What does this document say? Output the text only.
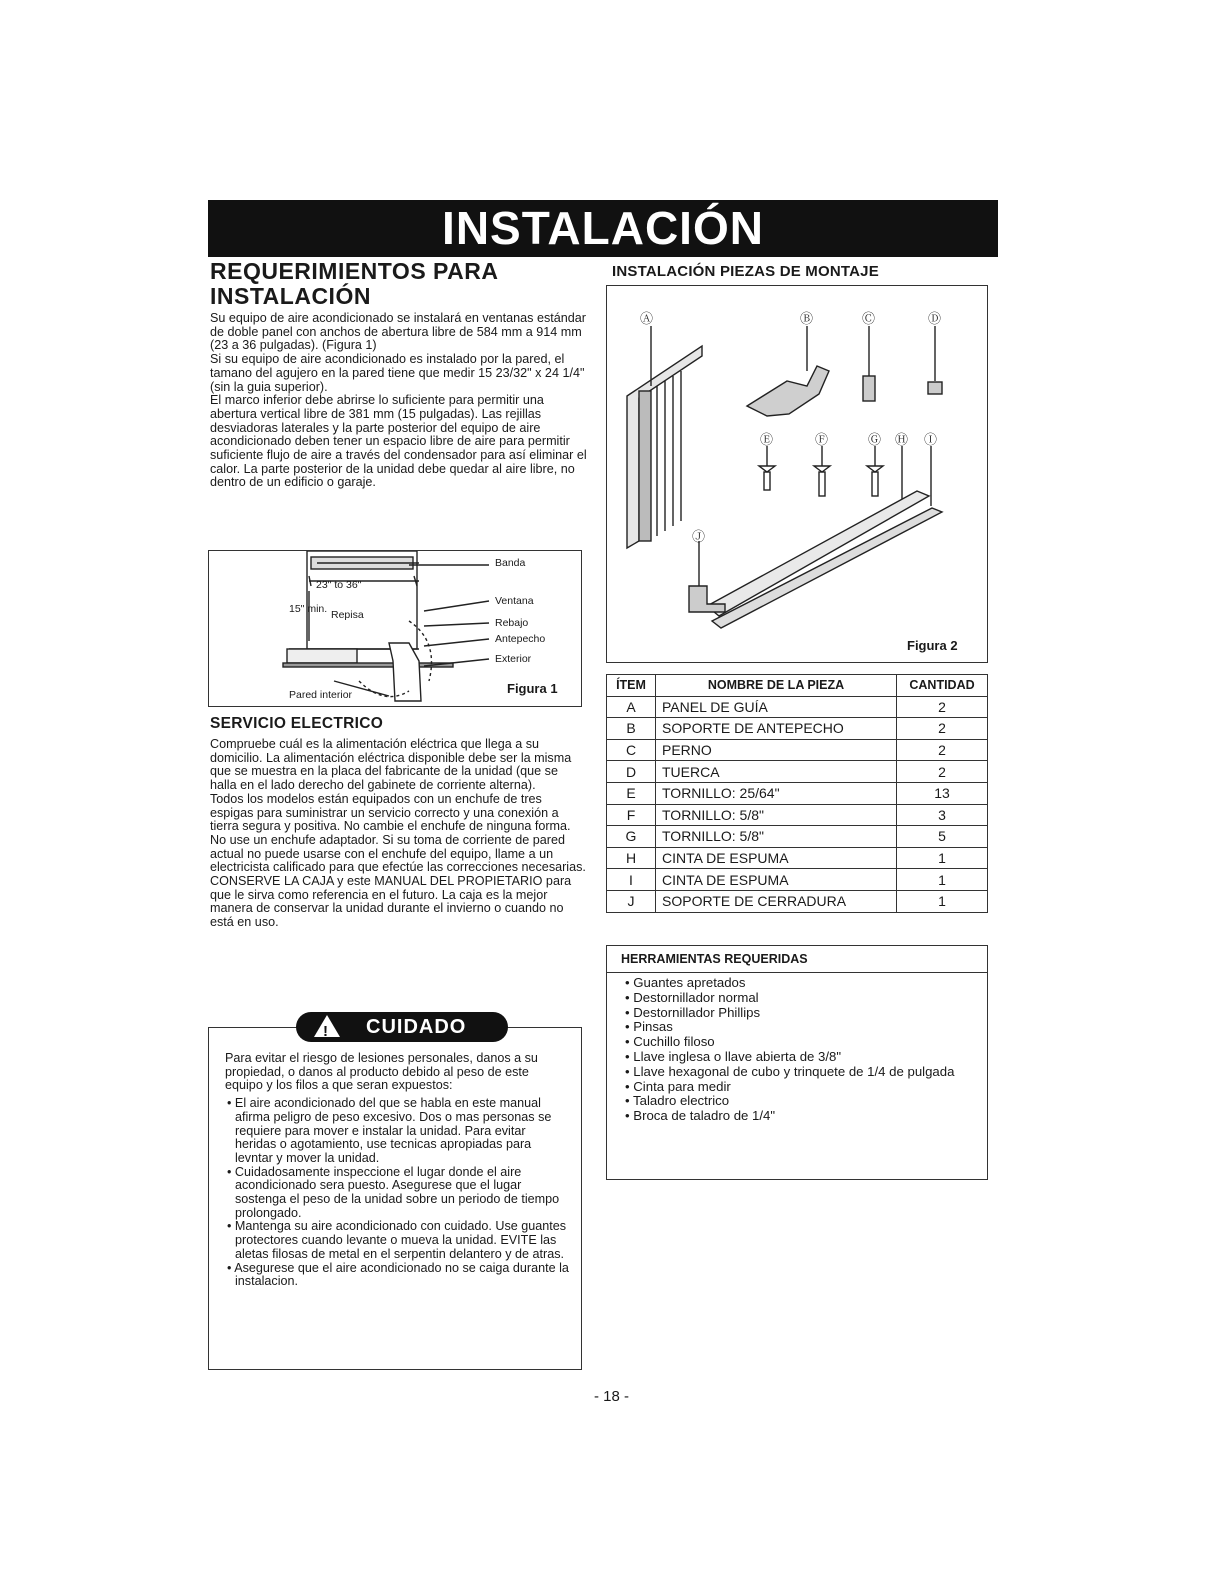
INSTALACIÓN
REQUERIMIENTOS PARA
INSTALACIÓN

Su equipo de aire acondicionado se instalará en ventanas estándar de doble panel con anchos de abertura libre de 584 mm a 914 mm (23 a 36 pulgadas). (Figura 1)

Si su equipo de aire acondicionado es instalado por la pared, el tamano del agujero en la pared tiene que medir 15 23/32" x 24 1/4"(sin la guia superior).

El marco inferior debe abrirse lo suficiente para permitir una abertura vertical libre de 381 mm (15 pulgadas). Las rejillas desviadoras laterales y la parte posterior del equipo de aire acondicionado deben tener un espacio libre de aire para permitir suficiente flujo de aire a través del condensador para así eliminar el calor. La parte posterior de la unidad debe quedar al aire libre, no dentro de un edificio o garaje.

23" to 36"
15" min. Repisa
Banda
Ventana
Rebajo
Antepecho
Exterior
Pared interior	Figura 1
SERVICIO ELECTRICO

Compruebe cuál es la alimentación eléctrica que llega a su domicilio. La alimentación eléctrica disponible debe ser la misma que se muestra en la placa del fabricante de la unidad (que se halla en el lado derecho del gabinete de corriente alterna).

Todos los modelos están equipados con un enchufe de tres espigas para suministrar un servicio correcto y una conexión a tierra segura y positiva. No cambie el enchufe de ninguna forma. No use un enchufe adaptador. Si su toma de corriente de pared actual no puede usarse con el enchufe del equipo, llame a un electricista calificado para que efectúe las correcciones necesarias.

CONSERVE LA CAJA y este MANUAL DEL PROPIETARIO para que le sirva como referencia en el futuro. La caja es la mejor manera de conservar la unidad durante el invierno o cuando no está en uso.

Para evitar el riesgo de lesiones personales, danos a su propiedad, o danos al producto debido al peso de este equipo y los filos a que seran expuestos:

• El aire acondicionado del que se habla en este manual afirma peligro de peso excesivo. Dos o mas personas se requiere para mover e instalar la unidad. Para evitar heridas o agotamiento, use tecnicas apropiadas para levntar y mover la unidad.
• Cuidadosamente inspeccione el lugar donde el aire acondicionado sera puesto. Asegurese que el lugar sostenga el peso de la unidad sobre un periodo de tiempo prolongado.
• Mantenga su aire acondicionado con cuidado. Use guantes protectores cuando levante o mueva la unidad. EVITE las aletas filosas de metal en el serpentin delantero y de atras.
• Asegurese que el aire acondicionado no se caiga durante la instalacion.
! CUIDADO
INSTALACIÓN PIEZAS DE MONTAJE
Ⓐ	Ⓑ	Ⓒ	Ⓓ
Ⓔ	Ⓕ	Ⓖ Ⓗ Ⓘ
Ⓙ
Figura 2
ÍTEM	NOMBRE DE LA PIEZA	CANTIDAD
A	PANEL DE GUÍA	2
B	SOPORTE DE ANTEPECHO	2
C	PERNO	2
D	TUERCA	2
E	TORNILLO: 25/64"	13
F	TORNILLO: 5/8"	3
G	TORNILLO: 5/8"	5
H	CINTA DE ESPUMA	1
I	CINTA DE ESPUMA	1
J	SOPORTE DE CERRADURA	1
HERRAMIENTAS REQUERIDAS
• Guantes apretados
• Destornillador normal
• Destornillador Phillips
• Pinsas
• Cuchillo filoso
• Llave inglesa o llave abierta de 3/8"
• Llave hexagonal de cubo y trinquete de 1/4 de pulgada
• Cinta para medir
• Taladro electrico
• Broca de taladro de 1/4"
- 18 -
